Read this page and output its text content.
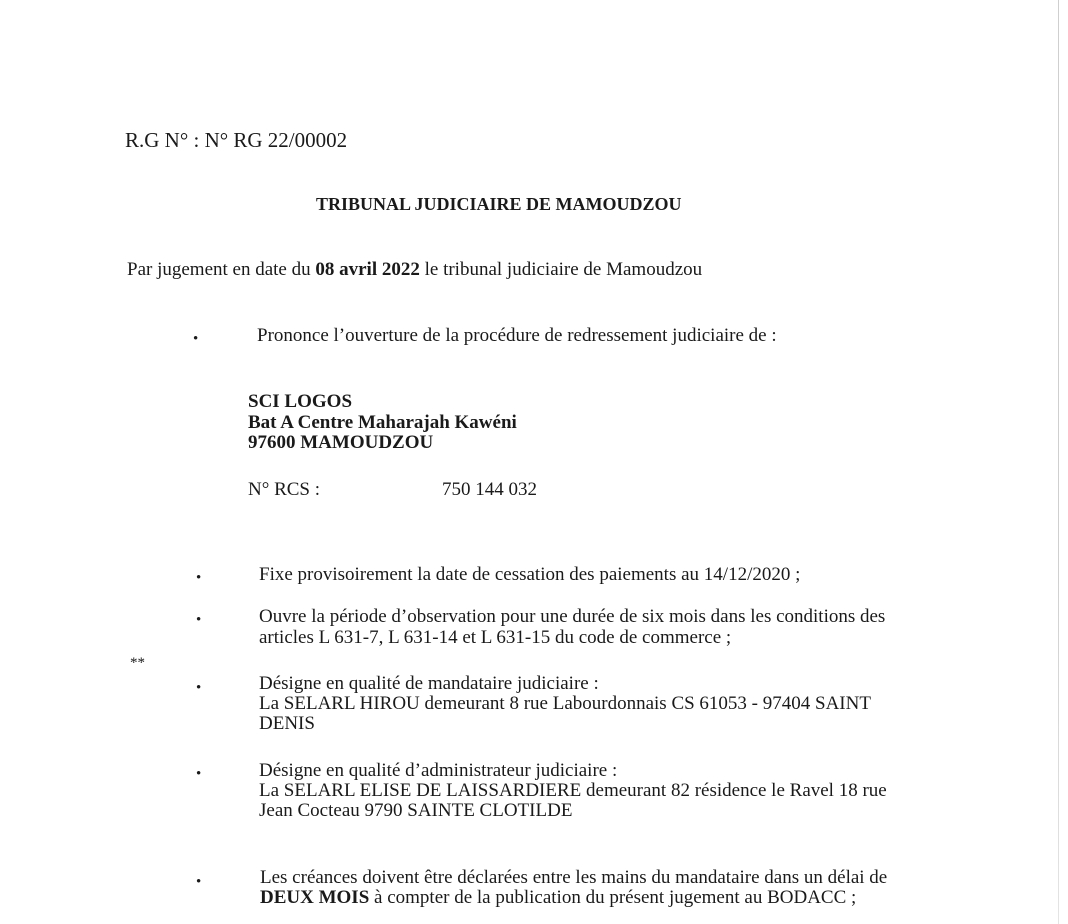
R.G N° : N° RG 22/00002
TRIBUNAL JUDICIAIRE DE MAMOUDZOU
Par jugement en date du 08 avril 2022 le tribunal judiciaire de Mamoudzou
•	Prononce l’ouverture de la procédure de redressement judiciaire de :
SCI LOGOS
Bat A Centre Maharajah Kawéni
97600 MAMOUDZOU
N° RCS :	750 144 032
•	Fixe provisoirement la date de cessation des paiements au 14/12/2020 ;
•	Ouvre la période d’observation pour une durée de six mois dans les conditions des
articles L 631-7, L 631-14 et L 631-15 du code de commerce ;
**
•	Désigne en qualité de mandataire judiciaire :
La SELARL HIROU demeurant 8 rue Labourdonnais CS 61053 - 97404 SAINT
DENIS
•	Désigne en qualité d’administrateur judiciaire :
La SELARL ELISE DE LAISSARDIERE demeurant 82 résidence le Ravel 18 rue
Jean Cocteau 9790 SAINTE CLOTILDE
•	Les créances doivent être déclarées entre les mains du mandataire dans un délai de
DEUX MOIS à compter de la publication du présent jugement au BODACC ;
